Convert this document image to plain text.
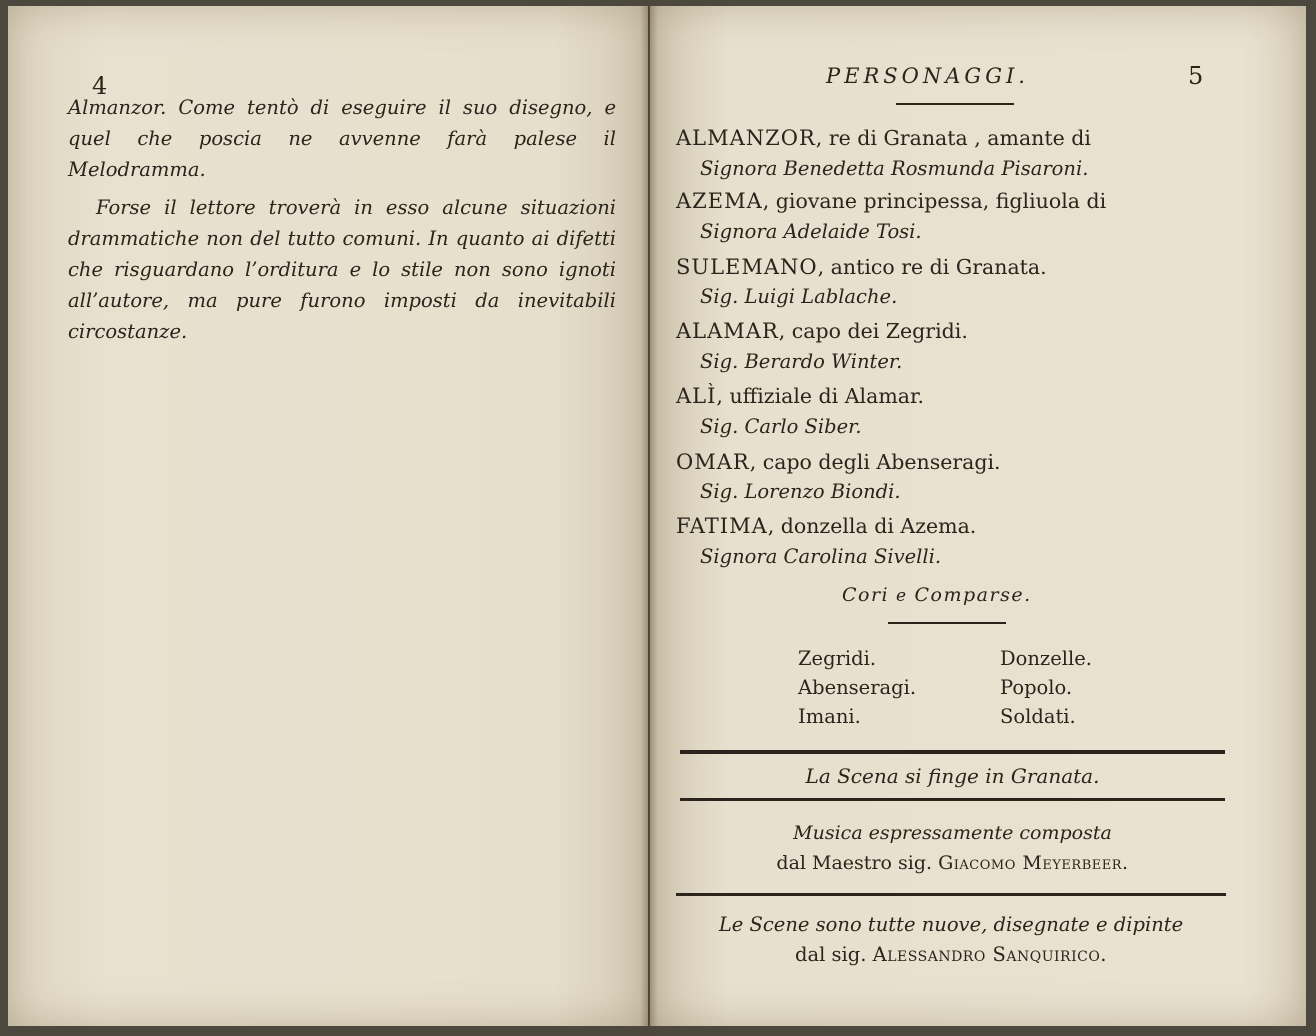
4

Almanzor. Come tentò di eseguire il suo disegno, e quel che poscia ne avvenne farà palese il Melodramma.

Forse il lettore troverà in esso alcune situazioni drammatiche non del tutto comuni. In quanto ai difetti che risguardano l’orditura e lo stile non sono ignoti all’autore, ma pure furono imposti da inevitabili circostanze.

PERSONAGGI.	5
ALMANZOR, re di Granata , amante di
Signora Benedetta Rosmunda Pisaroni.
AZEMA, giovane principessa, figliuola di
Signora Adelaide Tosi.
SULEMANO, antico re di Granata.
Sig. Luigi Lablache.
ALAMAR, capo dei Zegridi.
Sig. Berardo Winter.
ALÌ, uffiziale di Alamar.
Sig. Carlo Siber.
OMAR, capo degli Abenseragi.
Sig. Lorenzo Biondi.
FATIMA, donzella di Azema.
Signora Carolina Sivelli.
Cori e Comparse.
Zegridi.
Abenseragi.
Imani.
Donzelle.
Popolo.
Soldati.
La Scena si finge in Granata.
Musica espressamente composta
dal Maestro sig. Giacomo Meyerbeer.
Le Scene sono tutte nuove, disegnate e dipinte
dal sig. Alessandro Sanquirico.
